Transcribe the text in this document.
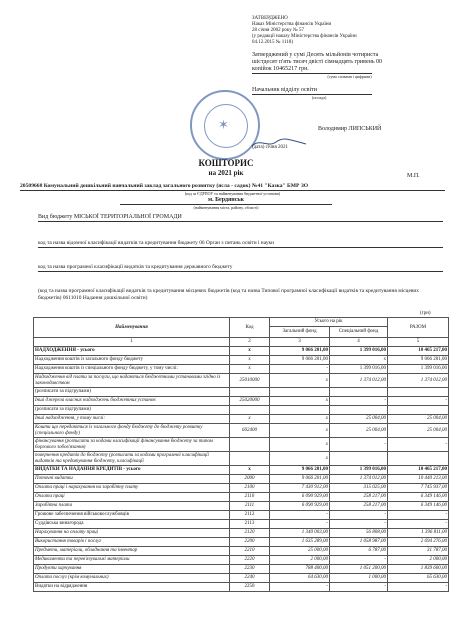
ЗАТВЕРДЖЕНО
Наказ Міністерства фінансів України
28 січня 2002 року № 57
(у редакції наказу Міністерства фінансів України
04.12.2015 № 1118)
Затверджений у сумі Десять мільйонів чотириста
шістдесят п'ять тисяч двісті сімнадцять гривень 00
копійок 10465217 грн.
(сума словами і цифрами)
Начальник відділу освіти
(посада)
✶	Володимир ЛИПСЬКИЙ
(дата) січня 2021
М.П.
КОШТОРИС
на 2021 рік
20509668 Комунальний дошкільний навчальний заклад загального розвитку (ясла - садок) №41 "Казка" БМР ЗО
(код за ЄДРПОУ та найменування бюджетної установи)
м. Бердянськ
(найменування міста, району, області)
Вид бюджету МІСЬКОЇ ТЕРИТОРІАЛЬНОЇ ГРОМАДИ
код та назва відомчої класифікації видатків та кредитування бюджету 06 Орган з питань освіти і науки
код та назва програмної класифікації видатків та кредитування державного бюджету
(код та назва програмної класифікації видатків та кредитування місцевих бюджетів (код та назва Типової програмної класифікації видатків та кредитування місцевих бюджетів) 0611010 Надання дошкільної освіти)
(грн)
Найменування	Код	Усього на рік		РАЗОМ
		Загальний фонд	Спеціальний фонд	
1	2	3	4	5
НАДХОДЖЕННЯ - усього	х	9 066 201,00	1 399 016,00	10 465 217,00
Надходження коштів із загального фонду бюджету	х	9 066 201,00	х	9 066 201,00
Надходження коштів із спеціального фонду бюджету, у тому числі:	х	-	1 399 016,00	1 399 016,00
Надходження від плати за послуги, що надаються бюджетними установами згідно із законодавством	25010000	х	1 374 012,00	1 374 012,00
(розписати за підгрупами)				
Інші джерела власних надходжень бюджетних установ	25020000	х	-	-
(розписати за підгрупами)				
Інші надходження, у тому числі:	х	х	25 004,00	25 004,00
Кошти що передаються із загального фонду бюджету до бюджету розвитку (спеціального фонду)	602400	х	25 004,00	25 004,00
фінансування (розписати за кодами класифікації фінансування бюджету за типом боргового зобов'язання)		х	-	-
повернення кредитів до бюджету (розписати за кодами програмної класифікації видатків та кредитування бюджету, класифікації		х		
ВИДАТКИ ТА НАДАННЯ КРЕДИТІВ - усього	х	9 066 201,00	1 399 016,00	10 465 217,00
Поточні видатки	2000	9 066 201,00	1 374 012,00	10 440 213,00
Оплата праці і нарахування на заробітну плату	2100	7 430 912,00	315 025,00	7 745 937,00
Оплата праці	2110	6 090 929,00	258 217,00	6 349 146,00
Заробітна плата	2111	6 090 929,00	258 217,00	6 349 146,00
Грошове забезпечення військовослужбовців	2112	-	-	-
Суддівська винагорода	2113	-	-	-
Нарахування на оплату праці	2120	1 340 003,00	56 808,00	1 396 811,00
Використання товарів і послуг	2200	1 635 289,00	1 058 987,00	2 694 276,00
Предмети, матеріали, обладнання та інвентар	2210	25 000,00	6 787,00	31 787,00
Медикаменти та перев'язувальні матеріали	2220	2 000,00	-	2 000,00
Продукти харчування	2230	788 400,00	1 051 200,00	1 839 600,00
Оплата послуг (крім комунальних)	2240	64 630,00	1 000,00	65 630,00
Видатки на відрядження	2250	-	-	-
